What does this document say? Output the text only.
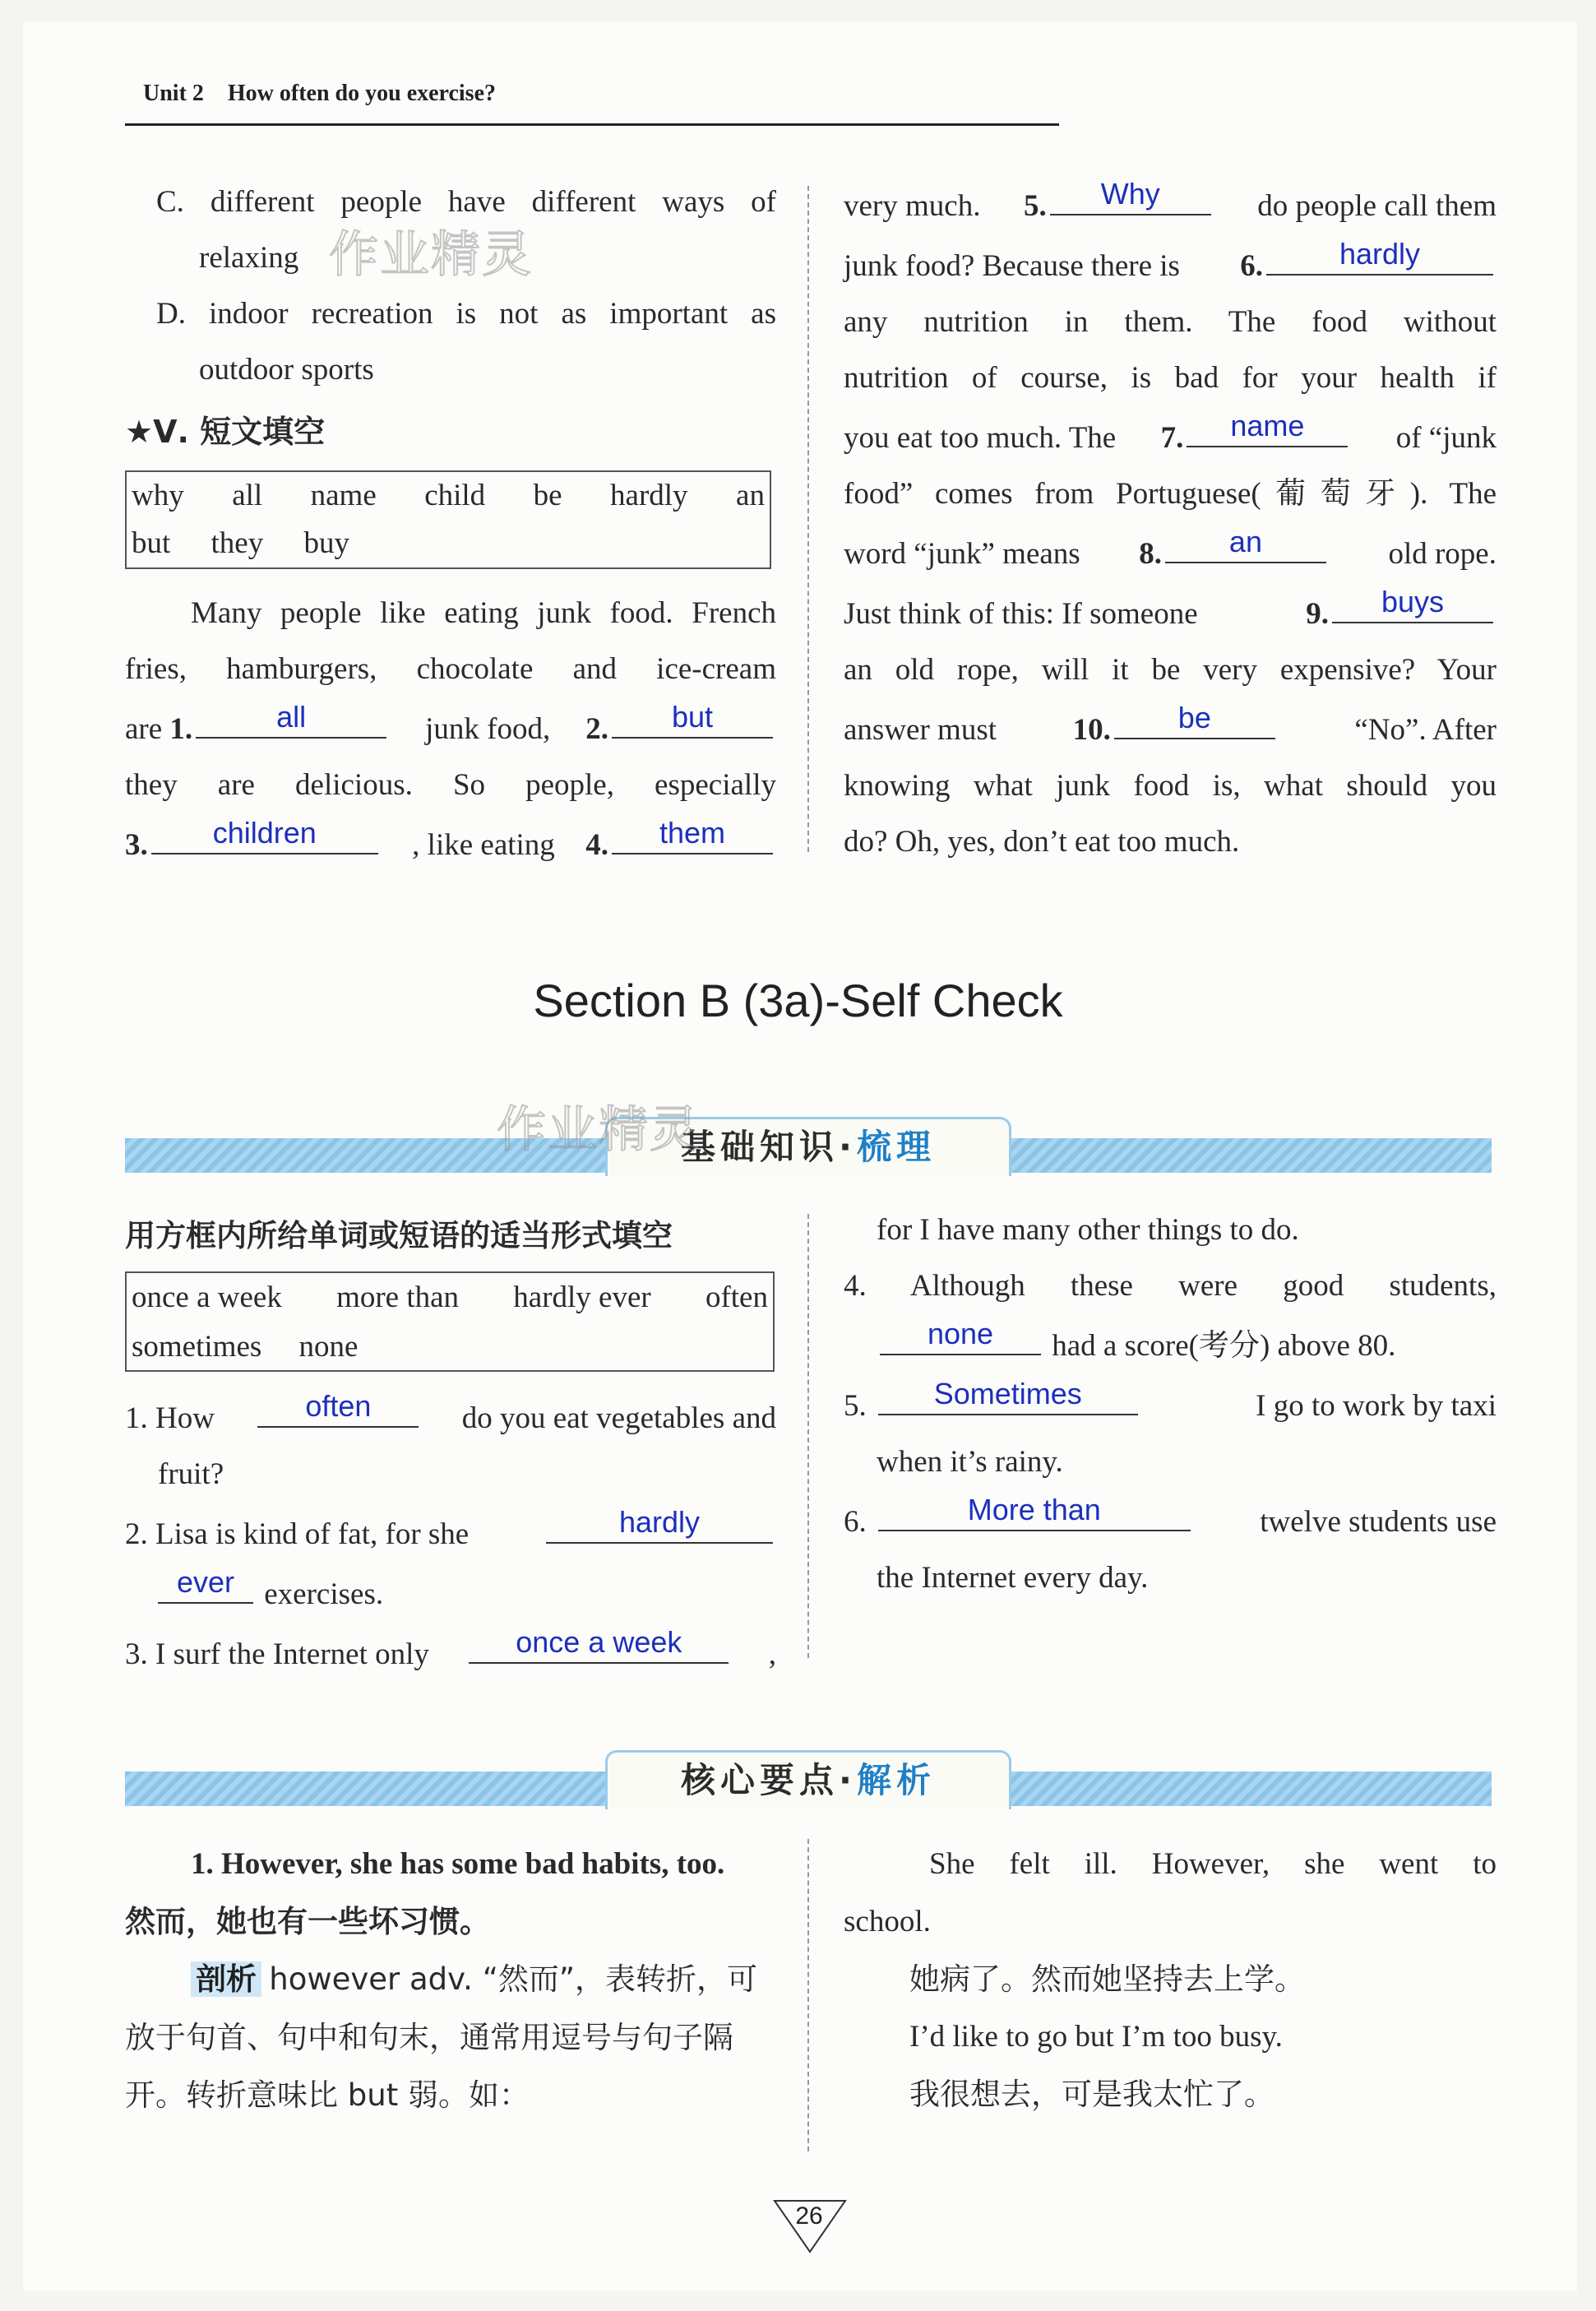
Unit 2 How often do you exercise?
C. different people have different ways of
relaxing
D. indoor recreation is not as important as
outdoor sports
作业精灵
★Ⅴ. 短文填空
why all name child be hardly an
but they buy
Many people like eating junk food. French
fries, hamburgers, chocolate and ice-cream
are 1.	all	junk food, 2.	but
they are delicious. So people, especially
3.	children	, like eating 4.	them
very much. 5.	Why	do people call them
junk food? Because there is 6.	hardly
any nutrition in them. The food without
nutrition of course, is bad for your health if
you eat too much. The 7.	name	of “junk
food” comes from Portuguese(葡萄牙). The
word “junk” means 8.	an	old rope.
Just think of this: If someone	9.	buys
an old rope, will it be very expensive? Your
answer must	10.	be	“No”. After
knowing what junk food is, what should you
do? Oh, yes, don’t eat too much.
Section B (3a)-Self Check
基础知识·梳理
作业精灵
用方框内所给单词或短语的适当形式填空
once a week more than hardly ever often
sometimes none
1. How	often	do you eat vegetables and
fruit?
2. Lisa is kind of fat, for she	hardly
ever exercises.
3. I surf the Internet only	once a week	,
for I have many other things to do.
4. Although these were good students,
none	had a score(考分) above 80.
5.	Sometimes	I go to work by taxi
when it’s rainy.
6.	More than	twelve students use
the Internet every day.
核心要点·解析
1. However, she has some bad habits, too.
然而，她也有一些坏习惯。
剖析 however adv. “然而”，表转折，可
放于句首、句中和句末，通常用逗号与句子隔
开。转折意味比 but 弱。如：
She felt ill. However, she went to
school.
她病了。然而她坚持去上学。
I’d like to go but I’m too busy.
我很想去，可是我太忙了。
26
